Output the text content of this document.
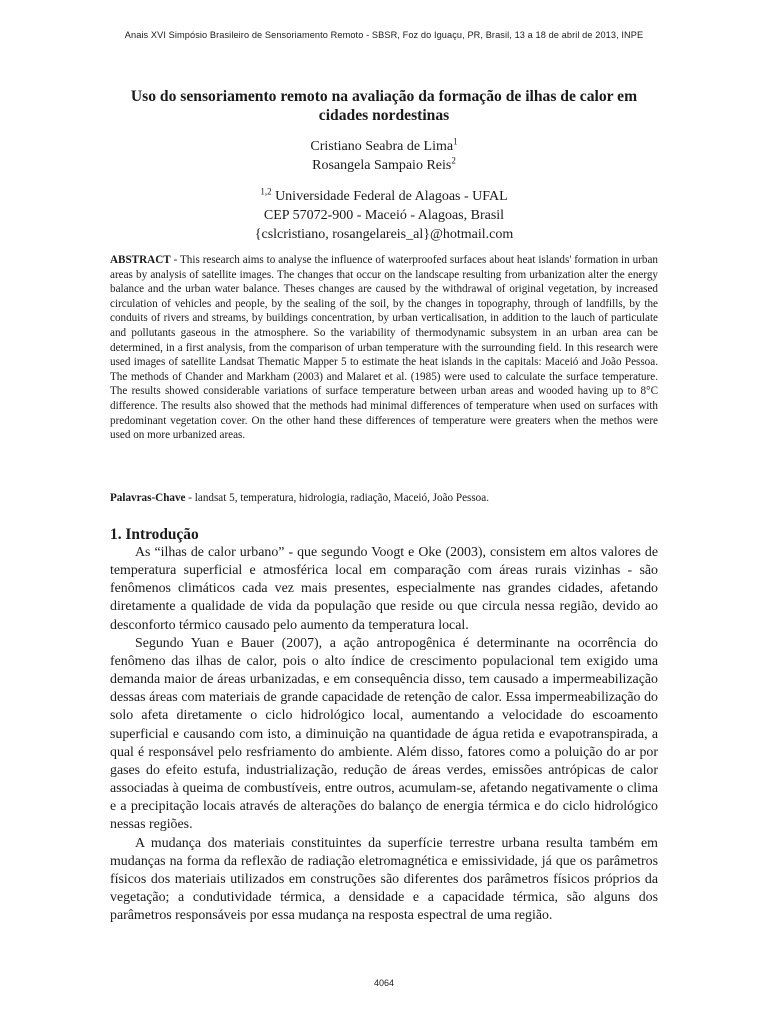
Anais XVI Simpósio Brasileiro de Sensoriamento Remoto - SBSR, Foz do Iguaçu, PR, Brasil, 13 a 18 de abril de 2013, INPE
Uso do sensoriamento remoto na avaliação da formação de ilhas de calor em cidades nordestinas
Cristiano Seabra de Lima$^1$
Rosangela Sampaio Reis$^2$
$^{1,2}$ Universidade Federal de Alagoas - UFAL
CEP 57072-900 - Maceió - Alagoas, Brasil
{cslcristiano, rosangelareis_al}@hotmail.com
ABSTRACT - This research aims to analyse the influence of waterproofed surfaces about heat islands' formation in urban areas by analysis of satellite images. The changes that occur on the landscape resulting from urbanization alter the energy balance and the urban water balance. Theses changes are caused by the withdrawal of original vegetation, by increased circulation of vehicles and people, by the sealing of the soil, by the changes in topography, through of landfills, by the conduits of rivers and streams, by buildings concentration, by urban verticalisation, in addition to the lauch of particulate and pollutants gaseous in the atmosphere. So the variability of thermodynamic subsystem in an urban area can be determined, in a first analysis, from the comparison of urban temperature with the surrounding field. In this research were used images of satellite Landsat Thematic Mapper 5 to estimate the heat islands in the capitals: Maceió and João Pessoa. The methods of Chander and Markham (2003) and Malaret et al. (1985) were used to calculate the surface temperature. The results showed considerable variations of surface temperature between urban areas and wooded having up to 8°C difference. The results also showed that the methods had minimal differences of temperature when used on surfaces with predominant vegetation cover. On the other hand these differences of temperature were greaters when the methos were used on more urbanized areas.
Palavras-Chave - landsat 5, temperatura, hidrologia, radiação, Maceió, João Pessoa.
1. Introdução

As “ilhas de calor urbano” - que segundo Voogt e Oke (2003), consistem em altos valores de temperatura superficial e atmosférica local em comparação com áreas rurais vizinhas - são fenômenos climáticos cada vez mais presentes, especialmente nas grandes cidades, afetando diretamente a qualidade de vida da população que reside ou que circula nessa região, devido ao desconforto térmico causado pelo aumento da temperatura local.

Segundo Yuan e Bauer (2007), a ação antropogênica é determinante na ocorrência do fenômeno das ilhas de calor, pois o alto índice de crescimento populacional tem exigido uma demanda maior de áreas urbanizadas, e em consequência disso, tem causado a impermeabilização dessas áreas com materiais de grande capacidade de retenção de calor. Essa impermeabilização do solo afeta diretamente o ciclo hidrológico local, aumentando a velocidade do escoamento superficial e causando com isto, a diminuição na quantidade de água retida e evapotranspirada, a qual é responsável pelo resfriamento do ambiente. Além disso, fatores como a poluição do ar por gases do efeito estufa, industrialização, redução de áreas verdes, emissões antrópicas de calor associadas à queima de combustíveis, entre outros, acumulam-se, afetando negativamente o clima e a precipitação locais através de alterações do balanço de energia térmica e do ciclo hidrológico nessas regiões.

A mudança dos materiais constituintes da superfície terrestre urbana resulta também em mudanças na forma da reflexão de radiação eletromagnética e emissividade, já que os parâmetros físicos dos materiais utilizados em construções são diferentes dos parâmetros físicos próprios da vegetação; a condutividade térmica, a densidade e a capacidade térmica, são alguns dos parâmetros responsáveis por essa mudança na resposta espectral de uma região.

4064
